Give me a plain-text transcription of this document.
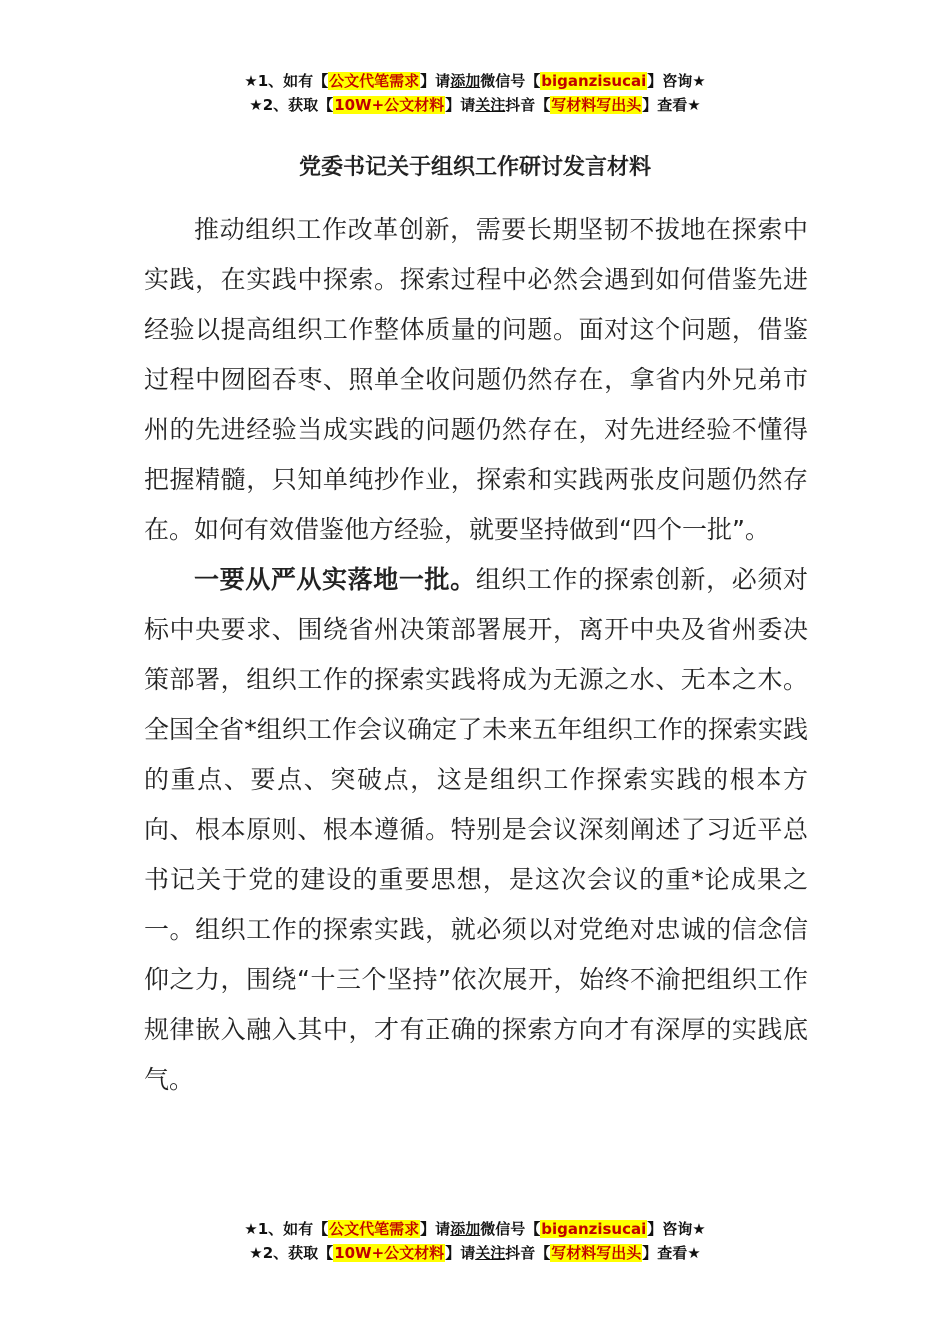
★1、如有【公文代笔需求】请添加微信号【biganzisucai】咨询★
★2、获取【10W+公文材料】请关注抖音【写材料写出头】查看★
党委书记关于组织工作研讨发言材料

推动组织工作改革创新，需要长期坚韧不拔地在探索中实践，在实践中探索。探索过程中必然会遇到如何借鉴先进经验以提高组织工作整体质量的问题。面对这个问题，借鉴过程中囫囵吞枣、照单全收问题仍然存在，拿省内外兄弟市州的先进经验当成实践的问题仍然存在，对先进经验不懂得把握精髓，只知单纯抄作业，探索和实践两张皮问题仍然存在。如何有效借鉴他方经验，就要坚持做到“四个一批”。

一要从严从实落地一批。组织工作的探索创新，必须对标中央要求、围绕省州决策部署展开，离开中央及省州委决策部署，组织工作的探索实践将成为无源之水、无本之木。全国全省*组织工作会议确定了未来五年组织工作的探索实践的重点、要点、突破点，这是组织工作探索实践的根本方向、根本原则、根本遵循。特别是会议深刻阐述了习近平总书记关于党的建设的重要思想，是这次会议的重*论成果之一。组织工作的探索实践，就必须以对党绝对忠诚的信念信仰之力，围绕“十三个坚持”依次展开，始终不渝把组织工作规律嵌入融入其中，才有正确的探索方向才有深厚的实践底气。

★1、如有【公文代笔需求】请添加微信号【biganzisucai】咨询★
★2、获取【10W+公文材料】请关注抖音【写材料写出头】查看★
